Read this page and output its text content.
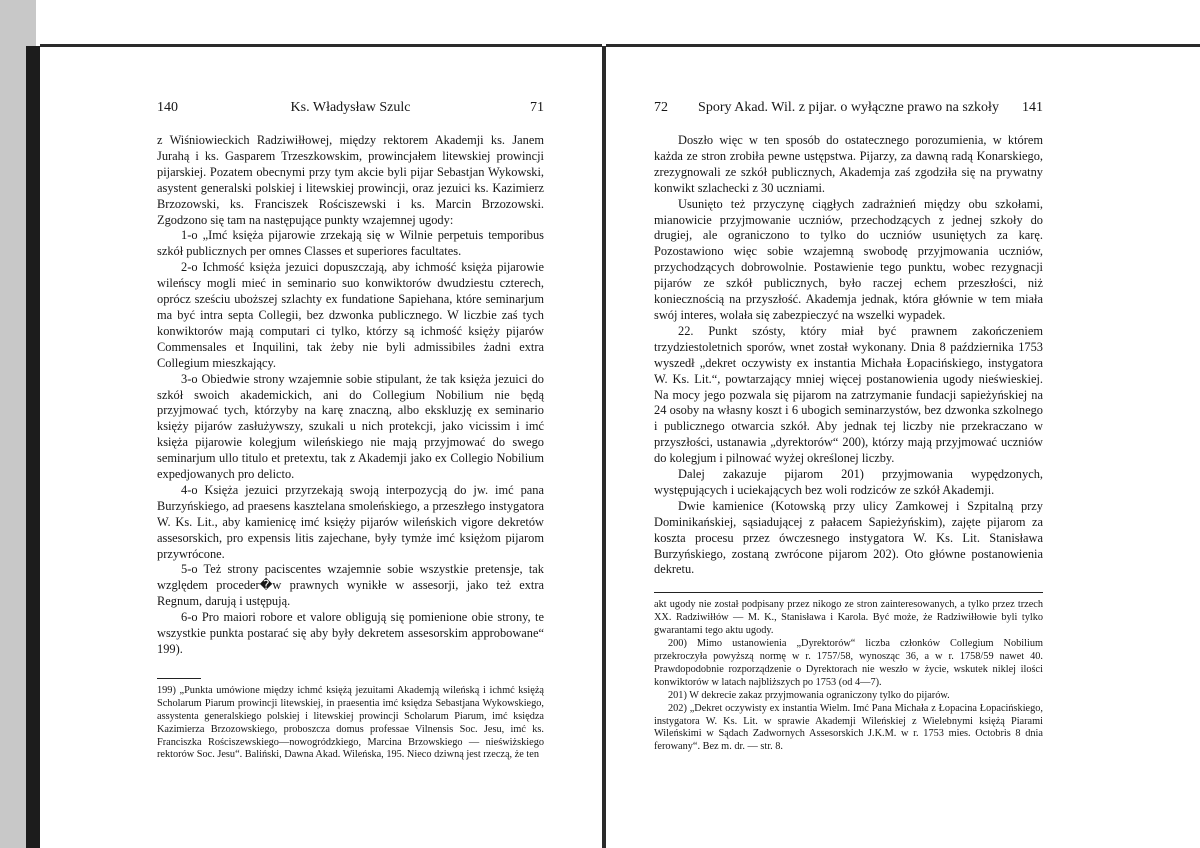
140	Ks. Władysław Szulc	71

z Wiśniowieckich Radziwiłłowej, między rektorem Akademji ks. Janem Jurahą i ks. Gasparem Trzeszkowskim, prowincjałem litewskiej prowincji pijarskiej. Pozatem obecnymi przy tym akcie byli pijar Sebastjan Wykowski, asystent generalski polskiej i litewskiej prowincji, oraz jezuici ks. Kazimierz Brzozowski, ks. Franciszek Rościszewski i ks. Marcin Brzozowski. Zgodzono się tam na następujące punkty wzajemnej ugody:

1-o „Imć księża pijarowie zrzekają się w Wilnie perpetuis temporibus szkół publicznych per omnes Classes et superiores facultates.

2-o Ichmość księża jezuici dopuszczają, aby ichmość księża pijarowie wileńscy mogli mieć in seminario suo konwiktorów dwudziestu czterech, oprócz sześciu uboższej szlachty ex fundatione Sapiehana, które seminarjum ma być intra septa Collegii, bez dzwonka publicznego. W liczbie zaś tych konwiktorów mają computari ci tylko, którzy są ichmość księży pijarów Commensales et Inquilini, tak żeby nie byli admissibiles żadni extra Collegium mieszkający.

3-o Obiedwie strony wzajemnie sobie stipulant, że tak księża jezuici do szkół swoich akademickich, ani do Collegium Nobilium nie będą przyjmować tych, którzyby na karę znaczną, albo ekskluzję ex seminario księży pijarów zasłużywszy, szukali u nich protekcji, jako vicissim i imć księża pijarowie kolegjum wileńskiego nie mają przyjmować do swego seminarjum ullo titulo et pretextu, tak z Akademji jako ex Collegio Nobilium expedjowanych pro delicto.

4-o Księża jezuici przyrzekają swoją interpozycją do jw. imć pana Burzyńskiego, ad praesens kasztelana smoleńskiego, a przeszłego instygatora W. Ks. Lit., aby kamienicę imć księży pijarów wileńskich vigore dekretów assesorskich, pro expensis litis zajechane, były tymże imć księżom pijarom przywrócone.

5-o Też strony paciscentes wzajemnie sobie wszystkie pretensje, tak względem proceder�w prawnych wynikłe w assesorji, jako też extra Regnum, darują i ustępują.

6-o Pro maiori robore et valore obligują się pomienione obie strony, te wszystkie punkta postarać się aby były dekretem assesorskim approbowane“ 199).

199) „Punkta umówione między ichmć księżą jezuitami Akademją wileńską i ichmć księżą Scholarum Piarum prowincji litewskiej, in praesentia imć księdza Sebastjana Wykowskiego, assystenta generalskiego polskiej i litewskiej prowincji Scholarum Piarum, imć księdza Kazimierza Brzozowskiego, proboszcza domus professae Vilnensis Soc. Jesu, imć ks. Franciszka Rościszewskiego—nowogródzkiego, Marcina Brzowskiego — nieświżskiego rektorów Soc. Jesu“. Baliński, Dawna Akad. Wileńska, 195. Nieco dziwną jest rzeczą, że ten

72 Spory Akad. Wil. z pijar. o wyłączne prawo na szkoły 141

Doszło więc w ten sposób do ostatecznego porozumienia, w którem każda ze stron zrobiła pewne ustępstwa. Pijarzy, za dawną radą Konarskiego, zrezygnowali ze szkół publicznych, Akademja zaś zgodziła się na prywatny konwikt szlachecki z 30 uczniami.

Usunięto też przyczynę ciągłych zadrażnień między obu szkołami, mianowicie przyjmowanie uczniów, przechodzących z jednej szkoły do drugiej, ale ograniczono to tylko do uczniów usuniętych za karę. Pozostawiono więc sobie wzajemną swobodę przyjmowania uczniów, przychodzących dobrowolnie. Postawienie tego punktu, wobec rezygnacji pijarów ze szkół publicznych, było raczej echem przeszłości, niż koniecznością na przyszłość. Akademja jednak, która głównie w tem miała swój interes, wolała się zabezpieczyć na wszelki wypadek.

22. Punkt szósty, który miał być prawnem zakończeniem trzydziestoletnich sporów, wnet został wykonany. Dnia 8 października 1753 wyszedł „dekret oczywisty ex instantia Michała Łopacińskiego, instygatora W. Ks. Lit.“, powtarzający mniej więcej postanowienia ugody nieświeskiej. Na mocy jego pozwala się pijarom na zatrzymanie fundacji sapieżyńskiej na 24 osoby na własny koszt i 6 ubogich seminarzystów, bez dzwonka szkolnego i publicznego otwarcia szkół. Aby jednak tej liczby nie przekraczano w przyszłości, ustanawia „dyrektorów“ 200), którzy mają przyjmować uczniów do kolegjum i pilnować wyżej określonej liczby.

Dalej zakazuje pijarom 201) przyjmowania wypędzonych, występujących i uciekających bez woli rodziców ze szkół Akademji.

Dwie kamienice (Kotowską przy ulicy Zamkowej i Szpitalną przy Dominikańskiej, sąsiadującej z pałacem Sapieżyńskim), zajęte pijarom za koszta procesu przez ówczesnego instygatora W. Ks. Lit. Stanisława Burzyńskiego, zostaną zwrócone pijarom 202). Oto główne postanowienia dekretu.

akt ugody nie został podpisany przez nikogo ze stron zainteresowanych, a tylko przez trzech XX. Radziwiłłów — M. K., Stanisława i Karola. Być może, że Radziwiłłowie byli tylko gwarantami tego aktu ugody.

200) Mimo ustanowienia „Dyrektorów“ liczba członków Collegium Nobilium przekroczyła powyższą normę w r. 1757/58, wynosząc 36, a w r. 1758/59 nawet 40. Prawdopodobnie rozporządzenie o Dyrektorach nie weszło w życie, wskutek niklej ilości konwiktorów w latach najbliższych po 1753 (od 4—7).

201) W dekrecie zakaz przyjmowania ograniczony tylko do pijarów.

202) „Dekret oczywisty ex instantia Wielm. Imć Pana Michała z Łopacina Łopacińskiego, instygatora W. Ks. Lit. w sprawie Akademji Wileńskiej z Wielebnymi księżą Piarami Wileńskimi w Sądach Zadwornych Assesorskich J.K.M. w r. 1753 mies. Octobris 8 dnia ferowany“. Bez m. dr. — str. 8.
